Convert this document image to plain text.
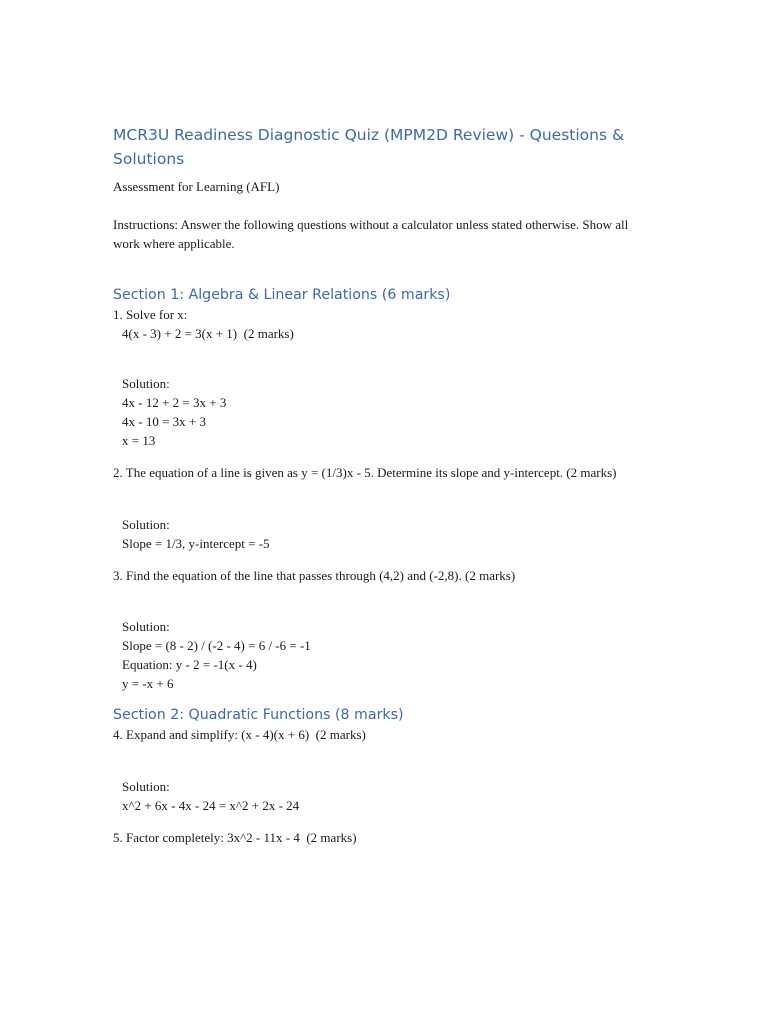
MCR3U Readiness Diagnostic Quiz (MPM2D Review) - Questions & Solutions
Assessment for Learning (AFL)
Instructions: Answer the following questions without a calculator unless stated otherwise. Show all work where applicable.
Section 1: Algebra & Linear Relations (6 marks)
1. Solve for x:
4(x - 3) + 2 = 3(x + 1)  (2 marks)
Solution:
4x - 12 + 2 = 3x + 3
4x - 10 = 3x + 3
x = 13
2. The equation of a line is given as y = (1/3)x - 5. Determine its slope and y-intercept. (2 marks)
Solution:
Slope = 1/3, y-intercept = -5
3. Find the equation of the line that passes through (4,2) and (-2,8). (2 marks)
Solution:
Slope = (8 - 2) / (-2 - 4) = 6 / -6 = -1
Equation: y - 2 = -1(x - 4)
y = -x + 6
Section 2: Quadratic Functions (8 marks)
4. Expand and simplify: (x - 4)(x + 6)  (2 marks)
Solution:
x^2 + 6x - 4x - 24 = x^2 + 2x - 24
5. Factor completely: 3x^2 - 11x - 4  (2 marks)
